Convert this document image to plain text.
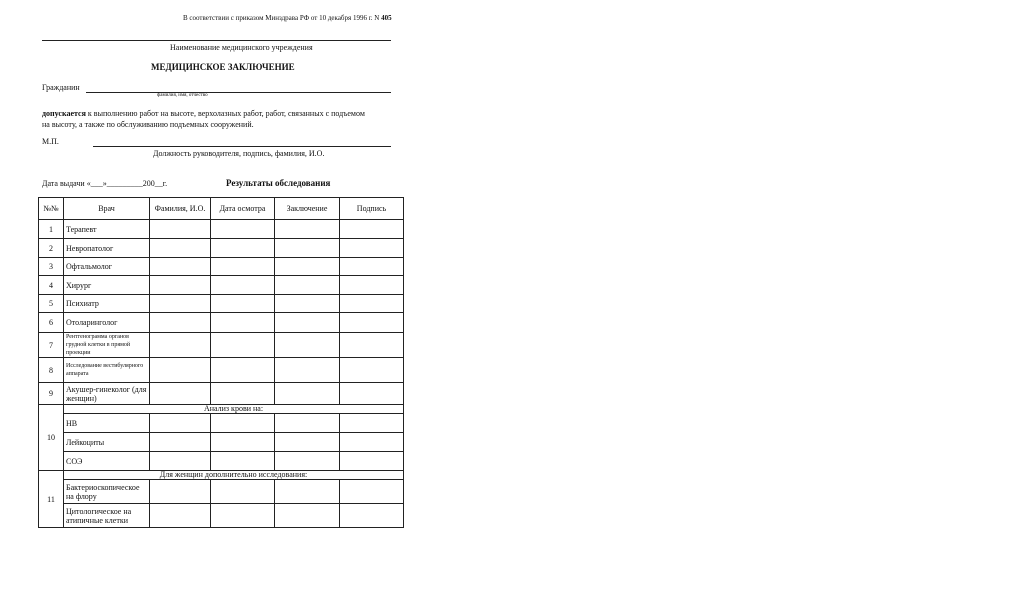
В соответствии с приказом Минздрава РФ от 10 декабря 1996 г. N 405
Наименование медицинского учреждения
МЕДИЦИНСКОЕ ЗАКЛЮЧЕНИЕ
Гражданин
фамилия, имя, отчество
допускается к выполнению работ на высоте, верхолазных работ, работ, связанных с подъемом
на высоту, а также по обслуживанию подъемных сооружений.
М.П.
Должность руководителя, подпись, фамилия, И.О.
Дата выдачи «___»_________200__г.	Результаты обследования
№№	Врач	Фамилия, И.О.	Дата осмотра	Заключение	Подпись
1	Терапевт				
2	Невропатолог				
3	Офтальмолог				
4	Хирург				
5	Психиатр				
6	Отоларинголог				
7	Рентгенограмма органов грудной клетки в прямой проекции				
8	Исследование вестибулярного аппарата				
9	Акушер-гинеколог (для женщин)				
10	Анализ крови на:				
	НВ				
	Лейкоциты				
	СОЭ				
11	Для женщин дополнительно исследования:				
	Бактериоскопическое на флору				
	Цитологическое на атипичные клетки				
